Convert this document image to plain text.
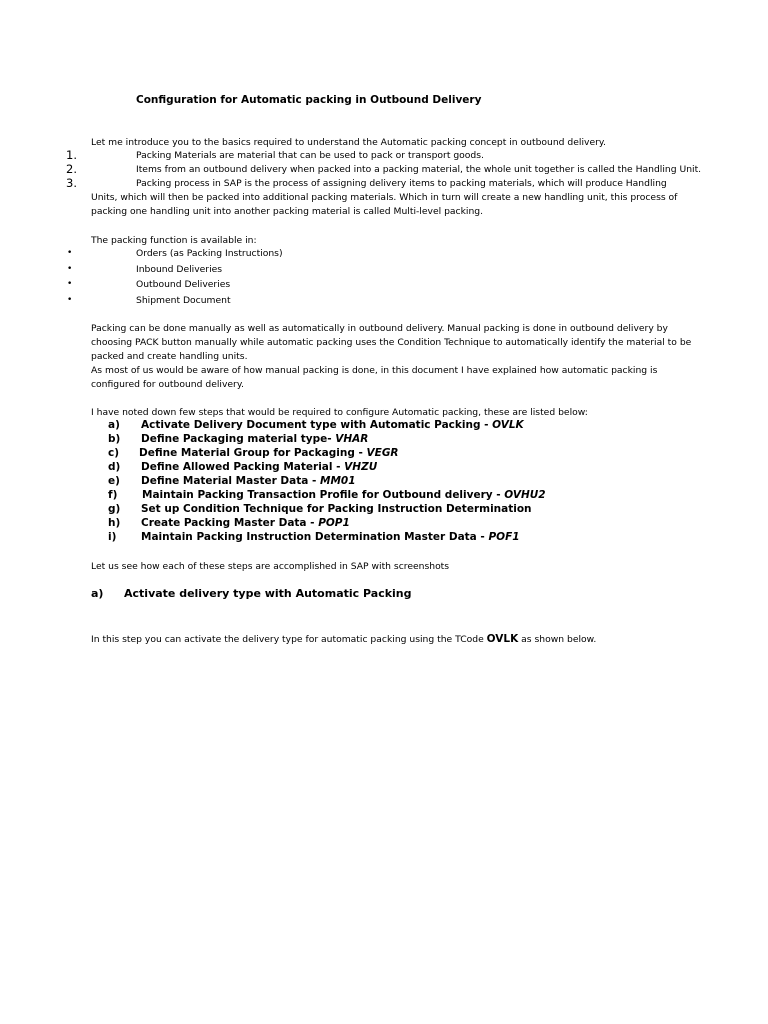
Configuration for Automatic packing in Outbound Delivery
Let me introduce you to the basics required to understand the Automatic packing concept in outbound delivery.
1.	Packing Materials are material that can be used to pack or transport goods.
2.	Items from an outbound delivery when packed into a packing material, the whole unit together is called the Handling Unit.
3.	Packing process in SAP is the process of assigning delivery items to packing materials, which will produce Handling
Units, which will then be packed into additional packing materials. Which in turn will create a new handling unit, this process of
packing one handling unit into another packing material is called Multi-level packing.
The packing function is available in:
•	Orders (as Packing Instructions)
•	Inbound Deliveries
•	Outbound Deliveries
•	Shipment Document
Packing can be done manually as well as automatically in outbound delivery. Manual packing is done in outbound delivery by
choosing PACK button manually while automatic packing uses the Condition Technique to automatically identify the material to be
packed and create handling units.
As most of us would be aware of how manual packing is done, in this document I have explained how automatic packing is
configured for outbound delivery.
I have noted down few steps that would be required to configure Automatic packing, these are listed below:
a) Activate Delivery Document type with Automatic Packing - OVLK
b) Define Packaging material type- VHAR
c) Define Material Group for Packaging - VEGR
d) Define Allowed Packing Material - VHZU
e) Define Material Master Data - MM01
f) Maintain Packing Transaction Profile for Outbound delivery - OVHU2
g) Set up Condition Technique for Packing Instruction Determination
h) Create Packing Master Data - POP1
i) Maintain Packing Instruction Determination Master Data - POF1
Let us see how each of these steps are accomplished in SAP with screenshots
a) Activate delivery type with Automatic Packing
In this step you can activate the delivery type for automatic packing using the TCode OVLK as shown below.
